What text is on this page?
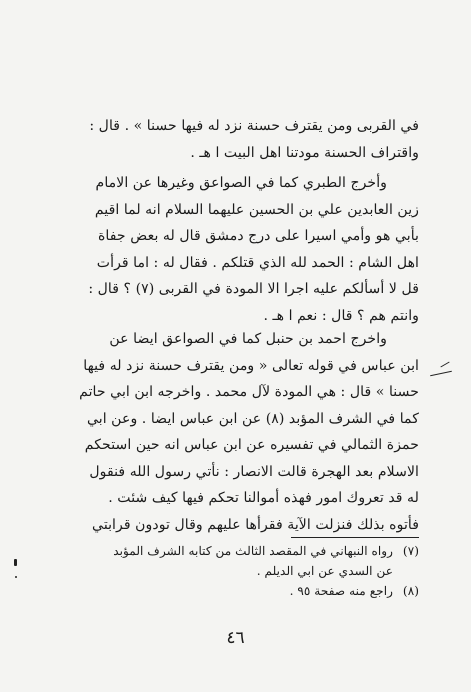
في القربى ومن يقترف حسنة نزد له فيها حسنا » . قال :
واقتراف الحسنة مودتنا اهل البيت ا هـ .
وأخرج الطبري كما في الصواعق وغيرها عن الامام
زين العابدين علي بن الحسين عليهما السلام انه لما اقيم
بأبي هو وأمي اسيرا على درج دمشق قال له بعض جفاة
اهل الشام : الحمد لله الذي قتلكم . فقال له : اما قرأت
قل لا أسألكم عليه اجرا الا المودة في القربى (٧) ؟ قال :
وانتم هم ؟ قال : نعم ا هـ .
واخرج احمد بن حنبل كما في الصواعق ايضا عن
ابن عباس في قوله تعالى « ومن يقترف حسنة نزد له فيها
حسنا » قال : هي المودة لآل محمد . واخرجه ابن ابي حاتم
كما في الشرف المؤبد (٨) عن ابن عباس ايضا . وعن ابي
حمزة الثمالي في تفسيره عن ابن عباس انه حين استحكم
الاسلام بعد الهجرة قالت الانصار : نأتي رسول الله فنقول
له قد تعروك امور فهذه أموالنا تحكم فيها كيف شئت .
فأتوه بذلك فنزلت الآية فقرأها عليهم وقال تودون قرابتي
(٧)رواه النبهاني في المقصد الثالث من كتابه الشرف المؤبد
عن السدي عن ابي الديلم .
(٨)راجع منه صفحة ٩٥ .
٤٦
